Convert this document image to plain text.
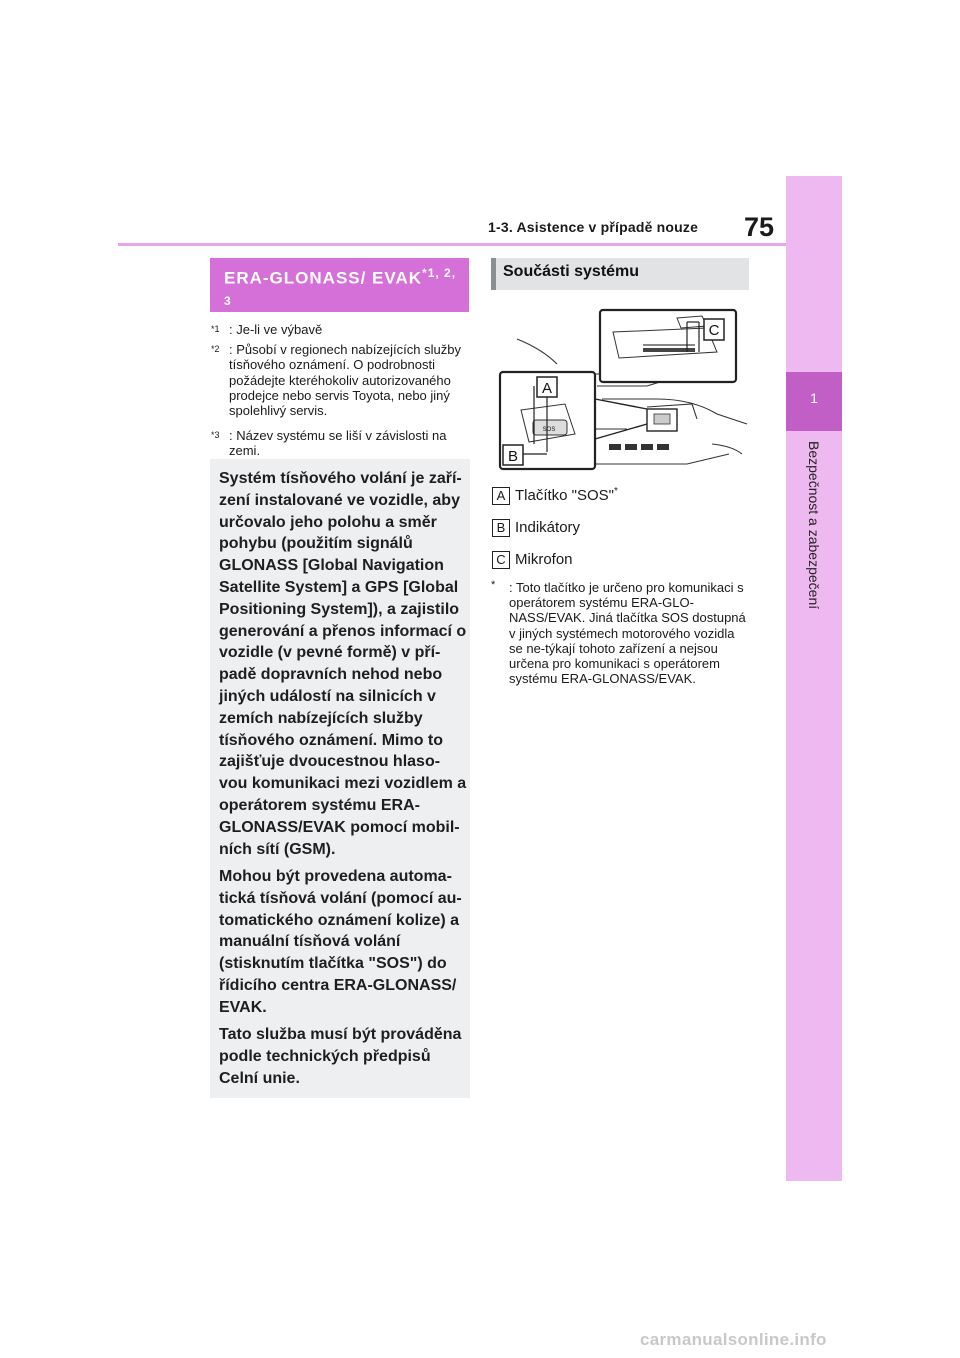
1-3. Asistence v případě nouze 75
1
Bezpečnost a zabezpečení
ERA-GLONASS/ EVAK$^{*1, 2, 3}$
$^{*1}$ : Je-li ve výbavě
$^{*2}$ : Působí v regionech nabízejících služby tísňového oznámení. O podrobnosti požádejte kteréhokoliv autorizovaného prodejce nebo servis Toyota, nebo jiný spolehlivý servis.
$^{*3}$ : Název systému se liší v závislosti na zemi.
Systém tísňového volání je zaří-zení instalované ve vozidle, aby určovalo jeho polohu a směr pohybu (použitím signálů GLONASS [Global Navigation Satellite System] a GPS [Global Positioning System]), a zajistilo generování a přenos informací o vozidle (v pevné formě) v pří-padě dopravních nehod nebo jiných událostí na silnicích v zemích nabízejících služby tísňového oznámení. Mimo to zajišťuje dvoucestnou hlaso-vou komunikaci mezi vozidlem a operátorem systému ERA-GLONASS/EVAK pomocí mobil-ních sítí (GSM).
Mohou být provedena automa-tická tísňová volání (pomocí au-tomatického oznámení kolize) a manuální tísňová volání (stisknutím tlačítka "SOS") do řídicího centra ERA-GLONASS/ EVAK.
Tato služba musí být prováděna podle technických předpisů Celní unie.
Součásti systému
C
SOS
A
B
A Tlačítko "SOS"*
B Indikátory
C Mikrofon
* : Toto tlačítko je určeno pro komunikaci s operátorem systému ERA-GLO-NASS/EVAK. Jiná tlačítka SOS dostupná v jiných systémech motorového vozidla se ne-týkají tohoto zařízení a nejsou určena pro komunikaci s operátorem systému ERA-GLONASS/EVAK.
carmanualsonline.info
